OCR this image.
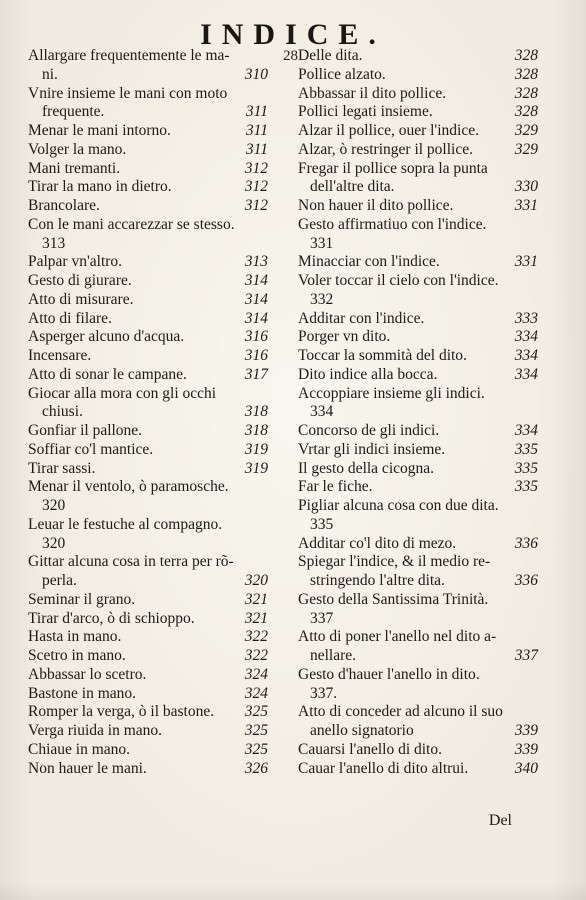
INDICE.
28
Allargare frequentemente le ma-
ni.	310
Vnire insieme le mani con moto
frequente.	311
Menar le mani intorno.	311
Volger la mano.	311
Mani tremanti.	312
Tirar la mano in dietro.	312
Brancolare.	312
Con le mani accarezzar se stesso.
313
Palpar vn'altro.	313
Gesto di giurare.	314
Atto di misurare.	314
Atto di filare.	314
Asperger alcuno d'acqua.	316
Incensare.	316
Atto di sonar le campane.	317
Giocar alla mora con gli occhi
chiusi.	318
Gonfiar il pallone.	318
Soffiar co'l mantice.	319
Tirar sassi.	319
Menar il ventolo, ò paramosche.
320
Leuar le festuche al compagno.
320
Gittar alcuna cosa in terra per rõ-
perla.	320
Seminar il grano.	321
Tirar d'arco, ò di schioppo.	321
Hasta in mano.	322
Scetro in mano.	322
Abbassar lo scetro.	324
Bastone in mano.	324
Romper la verga, ò il bastone. 325
Verga riuida in mano.	325
Chiaue in mano.	325
Non hauer le mani.	326
Delle dita.	328
Pollice alzato.	328
Abbassar il dito pollice.	328
Pollici legati insieme.	328
Alzar il pollice, ouer l'indice. 329
Alzar, ò restringer il pollice.	329
Fregar il pollice sopra la punta
dell'altre dita.	330
Non hauer il dito pollice.	331
Gesto affirmatiuo con l'indice.
331
Minacciar con l'indice.	331
Voler toccar il cielo con l'indice.
332
Additar con l'indice.	333
Porger vn dito.	334
Toccar la sommità del dito.	334
Dito indice alla bocca.	334
Accoppiare insieme gli indici.
334
Concorso de gli indici.	334
Vrtar gli indici insieme.	335
Il gesto della cicogna.	335
Far le fiche.	335
Pigliar alcuna cosa con due dita.
335
Additar co'l dito di mezo.	336
Spiegar l'indice, & il medio re-
stringendo l'altre dita.	336
Gesto della Santissima Trinità.
337
Atto di poner l'anello nel dito a-
nellare.	337
Gesto d'hauer l'anello in dito.
337.
Atto di conceder ad alcuno il suo
anello signatorio	339
Cauarsi l'anello di dito.	339
Cauar l'anello di dito altrui.	340
Del
